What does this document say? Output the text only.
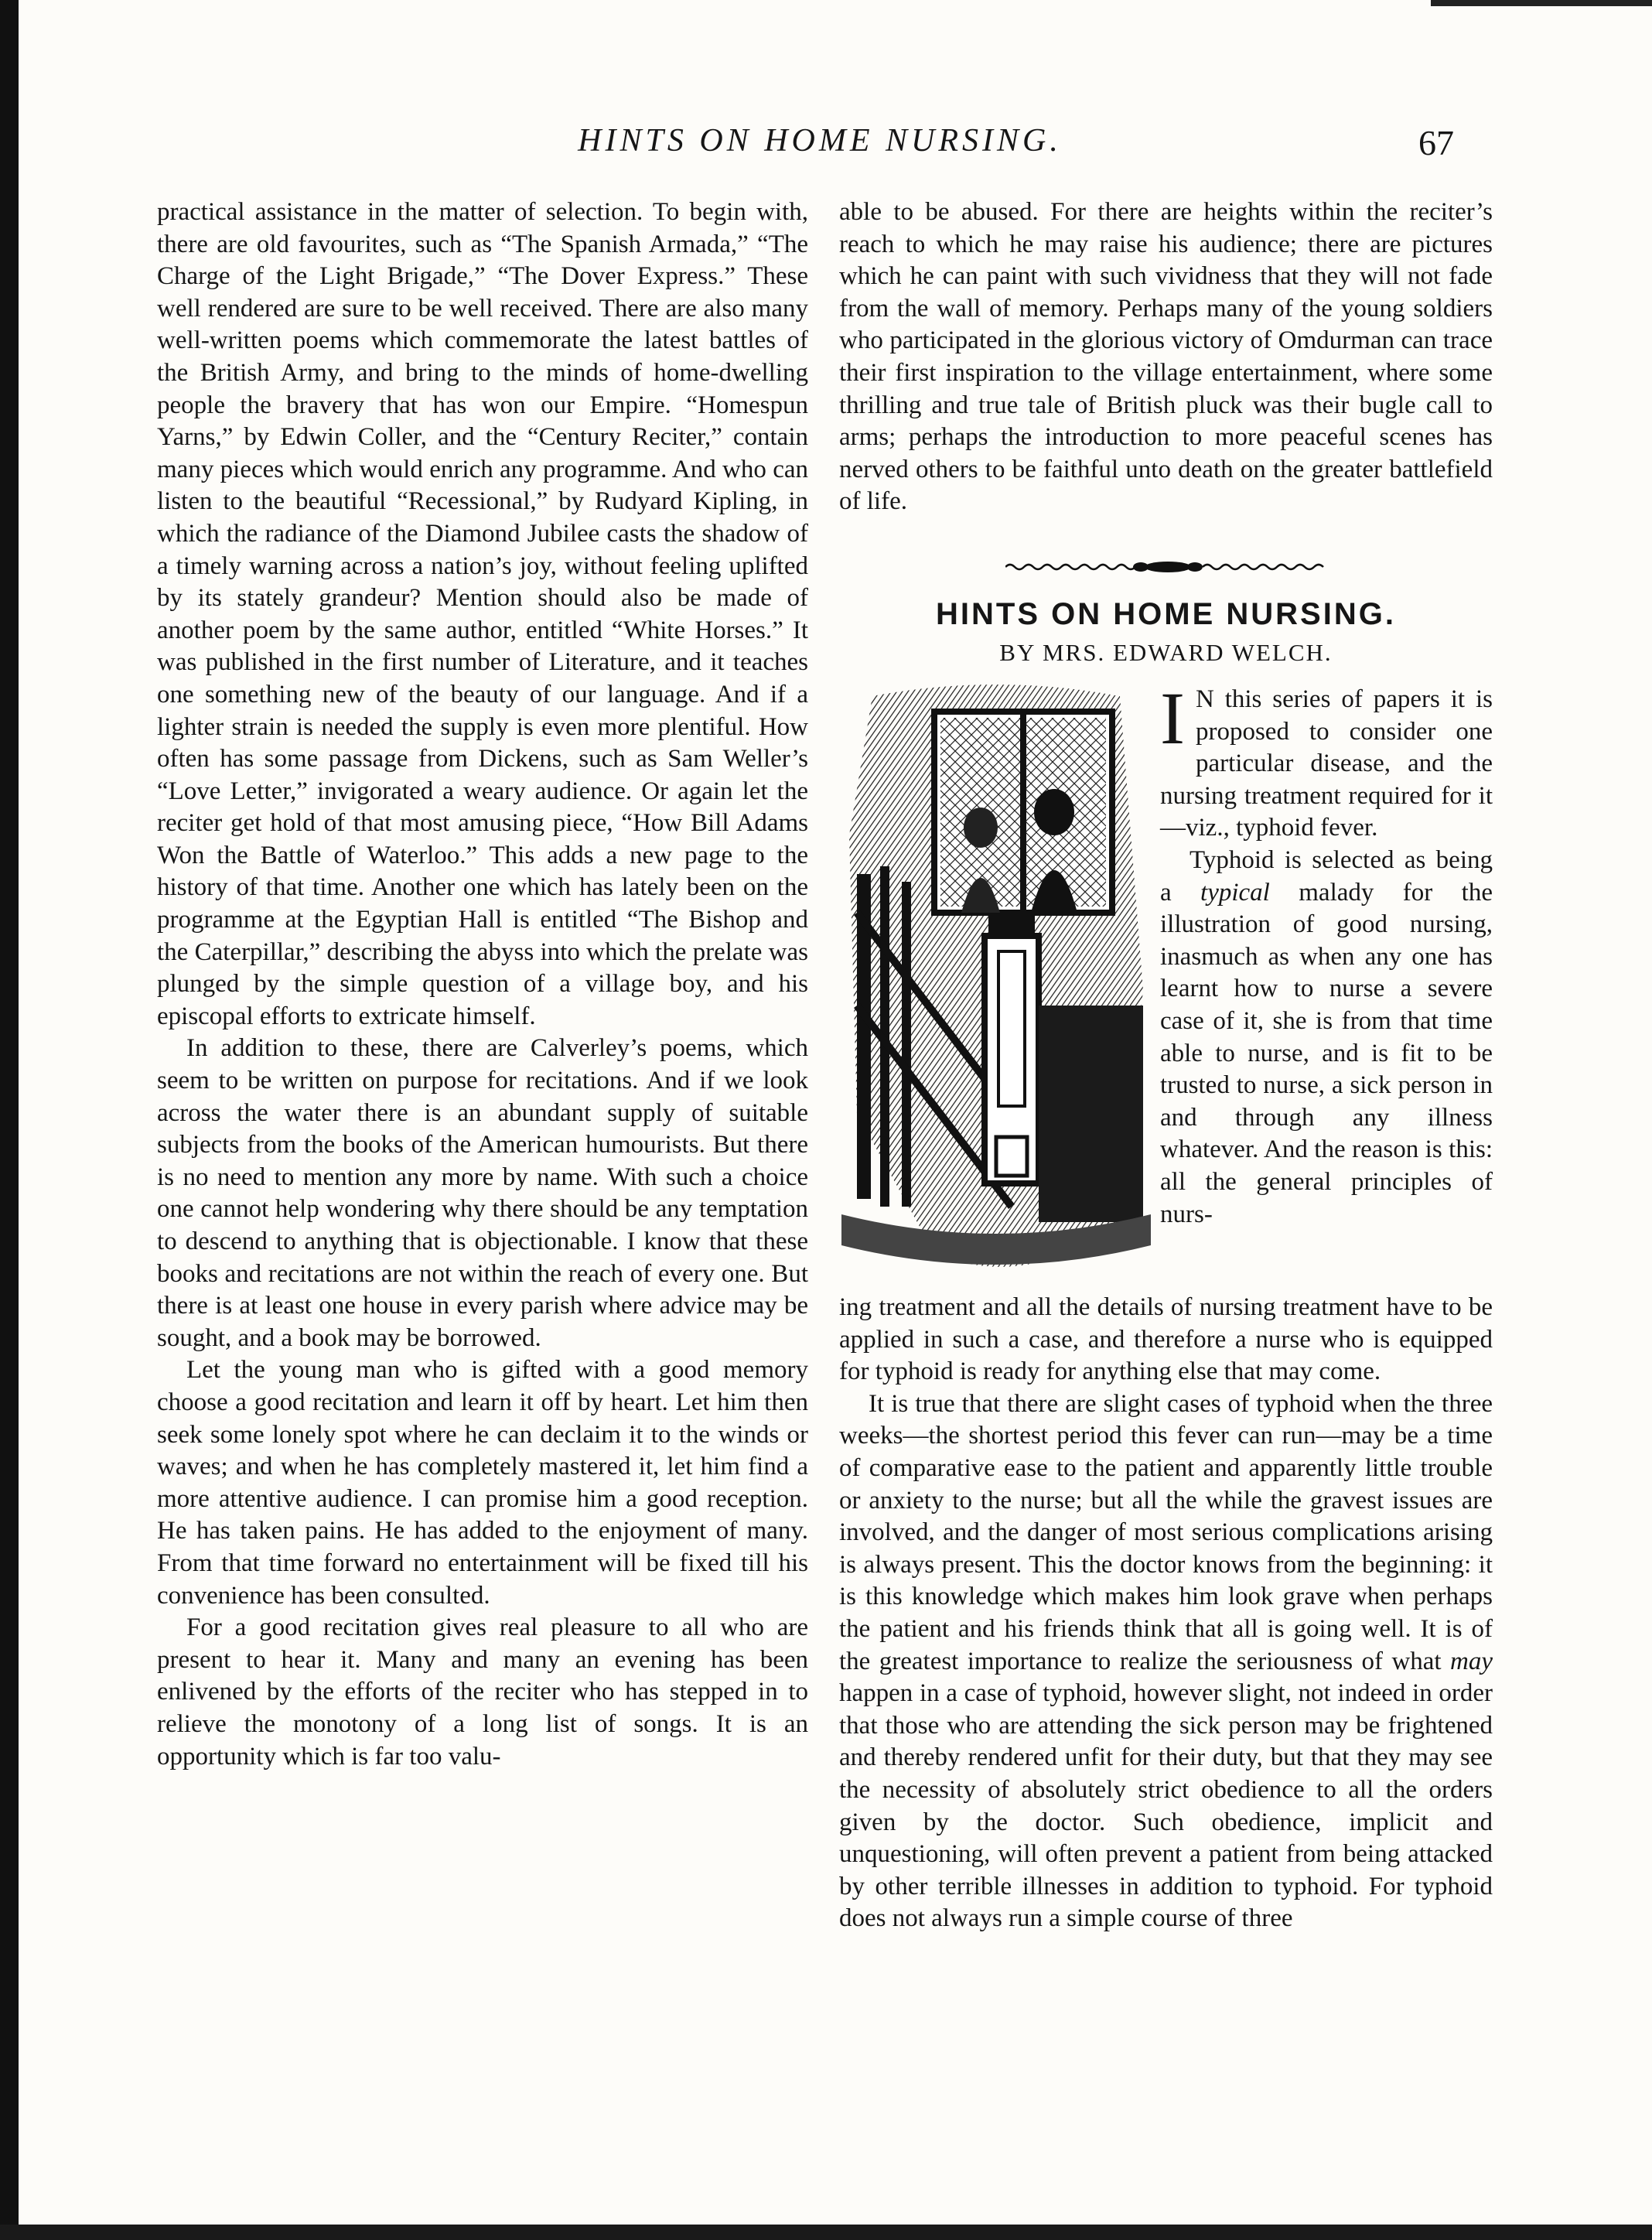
HINTS ON HOME NURSING.	67

practical assistance in the matter of selection. To begin with, there are old favourites, such as “The Spanish Armada,” “The Charge of the Light Brigade,” “The Dover Express.” These well rendered are sure to be well received. There are also many well-written poems which commemorate the latest battles of the British Army, and bring to the minds of home-dwelling people the bravery that has won our Empire. “Homespun Yarns,” by Edwin Coller, and the “Century Reciter,” contain many pieces which would enrich any programme. And who can listen to the beautiful “Recessional,” by Rudyard Kipling, in which the radiance of the Diamond Jubilee casts the shadow of a timely warning across a nation’s joy, without feeling uplifted by its stately grandeur? Mention should also be made of another poem by the same author, entitled “White Horses.” It was published in the first number of Literature, and it teaches one something new of the beauty of our language. And if a lighter strain is needed the supply is even more plentiful. How often has some passage from Dickens, such as Sam Weller’s “Love Letter,” invigorated a weary audience. Or again let the reciter get hold of that most amusing piece, “How Bill Adams Won the Battle of Waterloo.” This adds a new page to the history of that time. Another one which has lately been on the programme at the Egyptian Hall is entitled “The Bishop and the Caterpillar,” describing the abyss into which the prelate was plunged by the simple question of a village boy, and his episcopal efforts to extricate himself.

In addition to these, there are Calverley’s poems, which seem to be written on purpose for recitations. And if we look across the water there is an abundant supply of suitable subjects from the books of the American humourists. But there is no need to mention any more by name. With such a choice one cannot help wondering why there should be any temptation to descend to anything that is objectionable. I know that these books and recitations are not within the reach of every one. But there is at least one house in every parish where advice may be sought, and a book may be borrowed.

Let the young man who is gifted with a good memory choose a good recitation and learn it off by heart. Let him then seek some lonely spot where he can declaim it to the winds or waves; and when he has completely mastered it, let him find a more attentive audience. I can promise him a good reception. He has taken pains. He has added to the enjoyment of many. From that time forward no entertainment will be fixed till his convenience has been consulted.

For a good recitation gives real pleasure to all who are present to hear it. Many and many an evening has been enlivened by the efforts of the reciter who has stepped in to relieve the monotony of a long list of songs. It is an opportunity which is far too valu-

able to be abused. For there are heights within the reciter’s reach to which he may raise his audience; there are pictures which he can paint with such vividness that they will not fade from the wall of memory. Perhaps many of the young soldiers who participated in the glorious victory of Omdurman can trace their first inspiration to the village entertainment, where some thrilling and true tale of British pluck was their bugle call to arms; perhaps the introduction to more peaceful scenes has nerved others to be faithful unto death on the greater battlefield of life.

HINTS ON HOME NURSING.
BY MRS. EDWARD WELCH.

I N this series of papers it is proposed to consider one particular disease, and the nursing treatment required for it—viz., typhoid fever.

Typhoid is selected as being a typical malady for the illustration of good nursing, inasmuch as when any one has learnt how to nurse a severe case of it, she is from that time able to nurse, and is fit to be trusted to nurse, a sick person in and through any illness whatever. And the reason is this: all the general principles of nurs-

ing treatment and all the details of nursing treatment have to be applied in such a case, and therefore a nurse who is equipped for typhoid is ready for anything else that may come.

It is true that there are slight cases of typhoid when the three weeks—the shortest period this fever can run—may be a time of comparative ease to the patient and apparently little trouble or anxiety to the nurse; but all the while the gravest issues are involved, and the danger of most serious complications arising is always present. This the doctor knows from the beginning: it is this knowledge which makes him look grave when perhaps the patient and his friends think that all is going well. It is of the greatest importance to realize the seriousness of what may happen in a case of typhoid, however slight, not indeed in order that those who are attending the sick person may be frightened and thereby rendered unfit for their duty, but that they may see the necessity of absolutely strict obedience to all the orders given by the doctor. Such obedience, implicit and unquestioning, will often prevent a patient from being attacked by other terrible illnesses in addition to typhoid. For typhoid does not always run a simple course of three
